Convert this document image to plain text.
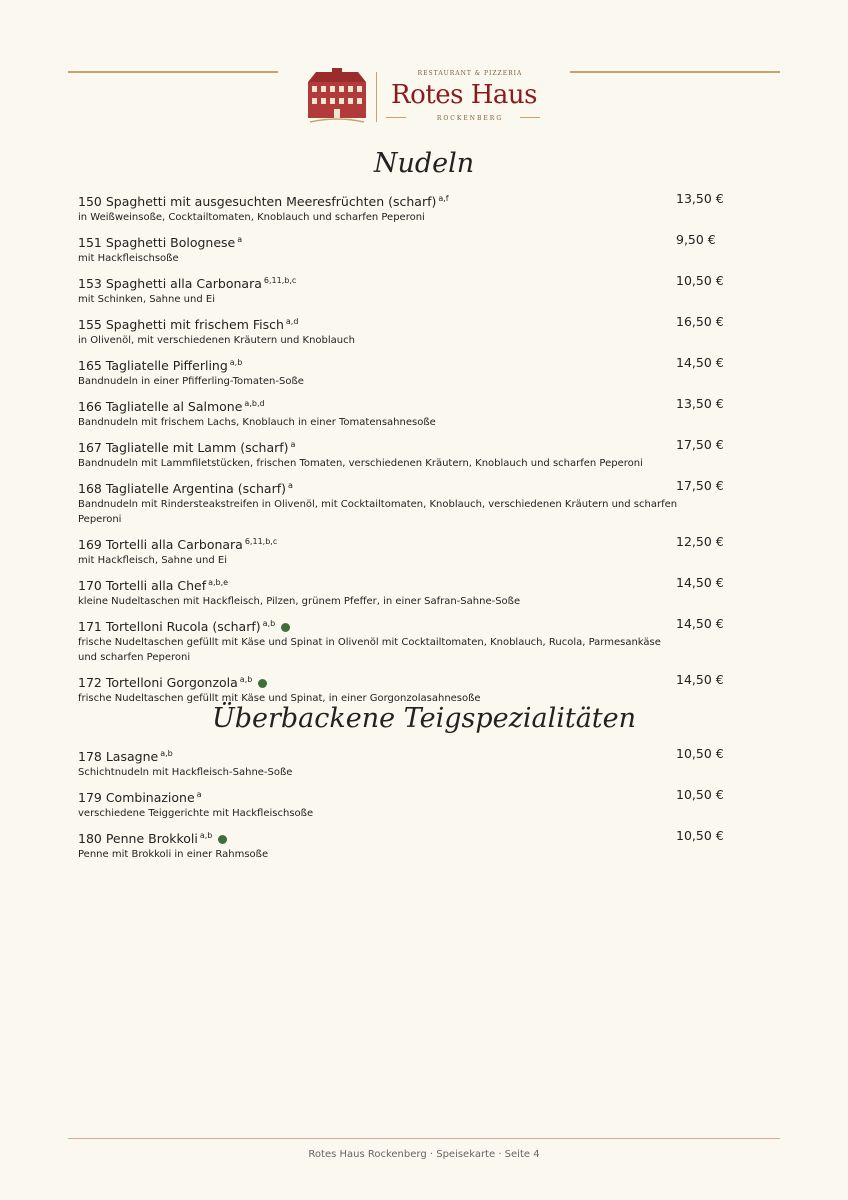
RESTAURANT & PIZZERIA
Rotes Haus
ROCKENBERG
Nudeln
150 Spaghetti mit ausgesuchten Meeresfrüchten (scharf) $^{a,f}$
in Weißweinsoße, Cocktailtomaten, Knoblauch und scharfen Peperoni
13,50 €
151 Spaghetti Bolognese $^a$
mit Hackfleischsoße
9,50 €
153 Spaghetti alla Carbonara $^{6,11,b,c}$
mit Schinken, Sahne und Ei
10,50 €
155 Spaghetti mit frischem Fisch $^{a,d}$
in Olivenöl, mit verschiedenen Kräutern und Knoblauch
16,50 €
165 Tagliatelle Pifferling $^{a,b}$
Bandnudeln in einer Pfifferling-Tomaten-Soße
14,50 €
166 Tagliatelle al Salmone $^{a,b,d}$
Bandnudeln mit frischem Lachs, Knoblauch in einer Tomatensahnesoße
13,50 €
167 Tagliatelle mit Lamm (scharf) $^a$
Bandnudeln mit Lammfiletstücken, frischen Tomaten, verschiedenen Kräutern, Knoblauch und scharfen Peperoni
17,50 €
168 Tagliatelle Argentina (scharf) $^a$
Bandnudeln mit Rindersteakstreifen in Olivenöl, mit Cocktailtomaten, Knoblauch, verschiedenen Kräutern und scharfen Peperoni
17,50 €
169 Tortelli alla Carbonara $^{6,11,b,c}$
mit Hackfleisch, Sahne und Ei
12,50 €
170 Tortelli alla Chef $^{a,b,e}$
kleine Nudeltaschen mit Hackfleisch, Pilzen, grünem Pfeffer, in einer Safran-Sahne-Soße
14,50 €
171 Tortelloni Rucola (scharf) $^{a,b}$
frische Nudeltaschen gefüllt mit Käse und Spinat in Olivenöl mit Cocktailtomaten, Knoblauch, Rucola, Parmesankäse und scharfen Peperoni
14,50 €
172 Tortelloni Gorgonzola $^{a,b}$
frische Nudeltaschen gefüllt mit Käse und Spinat, in einer Gorgonzolasahnesoße
14,50 €
Überbackene Teigspezialitäten
178 Lasagne $^{a,b}$
Schichtnudeln mit Hackfleisch-Sahne-Soße
10,50 €
179 Combinazione $^a$
verschiedene Teiggerichte mit Hackfleischsoße
10,50 €
180 Penne Brokkoli $^{a,b}$
Penne mit Brokkoli in einer Rahmsoße
10,50 €
Rotes Haus Rockenberg · Speisekarte · Seite 4
